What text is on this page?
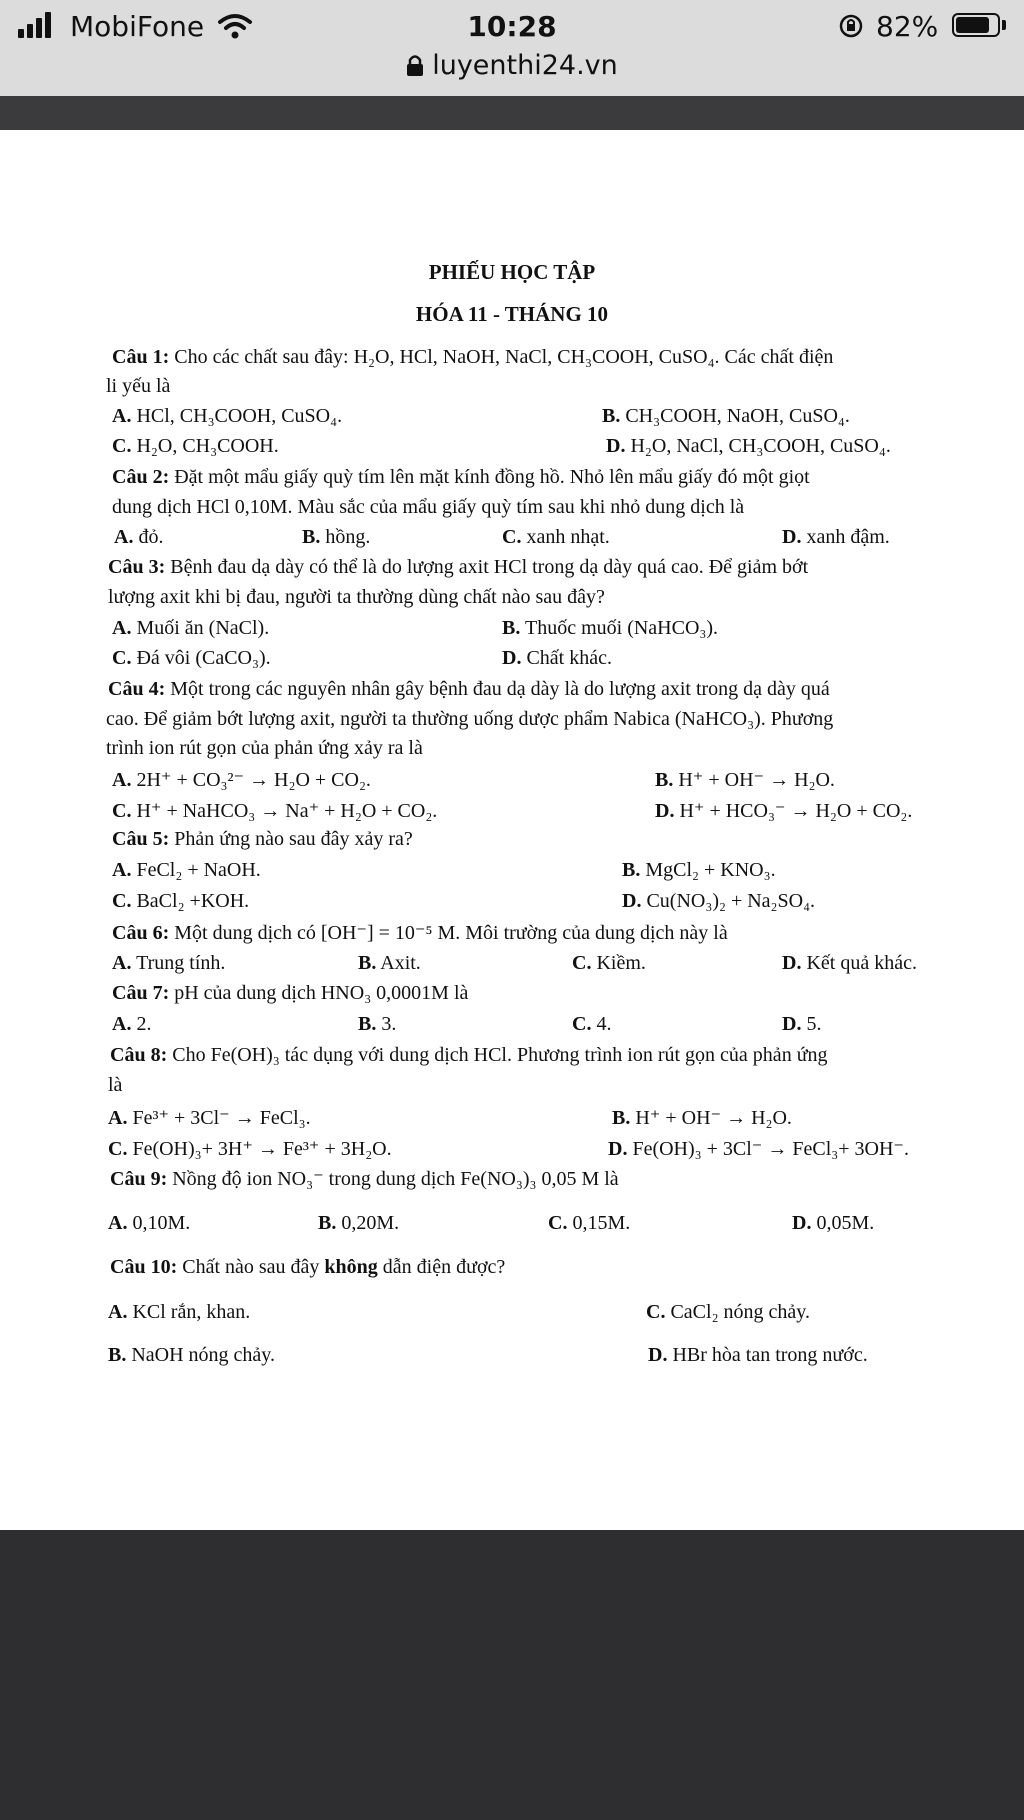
MobiFone	10:28	82%
luyenthi24.vn
PHIẾU HỌC TẬP
HÓA 11 - THÁNG 10
Câu 1: Cho các chất sau đây: H₂O, HCl, NaOH, NaCl, CH₃COOH, CuSO₄. Các chất điện
li yếu là
A. HCl, CH₃COOH, CuSO₄.	B. CH₃COOH, NaOH, CuSO₄.
C. H₂O, CH₃COOH.	D. H₂O, NaCl, CH₃COOH, CuSO₄.
Câu 2: Đặt một mẩu giấy quỳ tím lên mặt kính đồng hồ. Nhỏ lên mẩu giấy đó một giọt
dung dịch HCl 0,10M. Màu sắc của mẩu giấy quỳ tím sau khi nhỏ dung dịch là
A. đỏ.	B. hồng.	C. xanh nhạt.	D. xanh đậm.
Câu 3: Bệnh đau dạ dày có thể là do lượng axit HCl trong dạ dày quá cao. Để giảm bớt
lượng axit khi bị đau, người ta thường dùng chất nào sau đây?
A. Muối ăn (NaCl).	B. Thuốc muối (NaHCO₃).
C. Đá vôi (CaCO₃).	D. Chất khác.
Câu 4: Một trong các nguyên nhân gây bệnh đau dạ dày là do lượng axit trong dạ dày quá
cao. Để giảm bớt lượng axit, người ta thường uống dược phẩm Nabica (NaHCO₃). Phương
trình ion rút gọn của phản ứng xảy ra là
A. 2H⁺ + CO₃²⁻ → H₂O + CO₂.	B. H⁺ + OH⁻ → H₂O.
C. H⁺ + NaHCO₃ → Na⁺ + H₂O + CO₂.	D. H⁺ + HCO₃⁻ → H₂O + CO₂.
Câu 5: Phản ứng nào sau đây xảy ra?
A. FeCl₂ + NaOH.	B. MgCl₂ + KNO₃.
C. BaCl₂ +KOH.	D. Cu(NO₃)₂ + Na₂SO₄.
Câu 6: Một dung dịch có [OH⁻] = 10⁻⁵ M. Môi trường của dung dịch này là
A. Trung tính.	B. Axit.	C. Kiềm.	D. Kết quả khác.
Câu 7: pH của dung dịch HNO₃ 0,0001M là
A. 2.	B. 3.	C. 4.	D. 5.
Câu 8: Cho Fe(OH)₃ tác dụng với dung dịch HCl. Phương trình ion rút gọn của phản ứng
là
A. Fe³⁺ + 3Cl⁻ → FeCl₃.	B. H⁺ + OH⁻ → H₂O.
C. Fe(OH)₃+ 3H⁺ → Fe³⁺ + 3H₂O.	D. Fe(OH)₃ + 3Cl⁻ → FeCl₃+ 3OH⁻.
Câu 9: Nồng độ ion NO₃⁻ trong dung dịch Fe(NO₃)₃ 0,05 M là
A. 0,10M.	B. 0,20M.	C. 0,15M.	D. 0,05M.
Câu 10: Chất nào sau đây không dẫn điện được?
A. KCl rắn, khan.	C. CaCl₂ nóng chảy.
B. NaOH nóng chảy.	D. HBr hòa tan trong nước.
